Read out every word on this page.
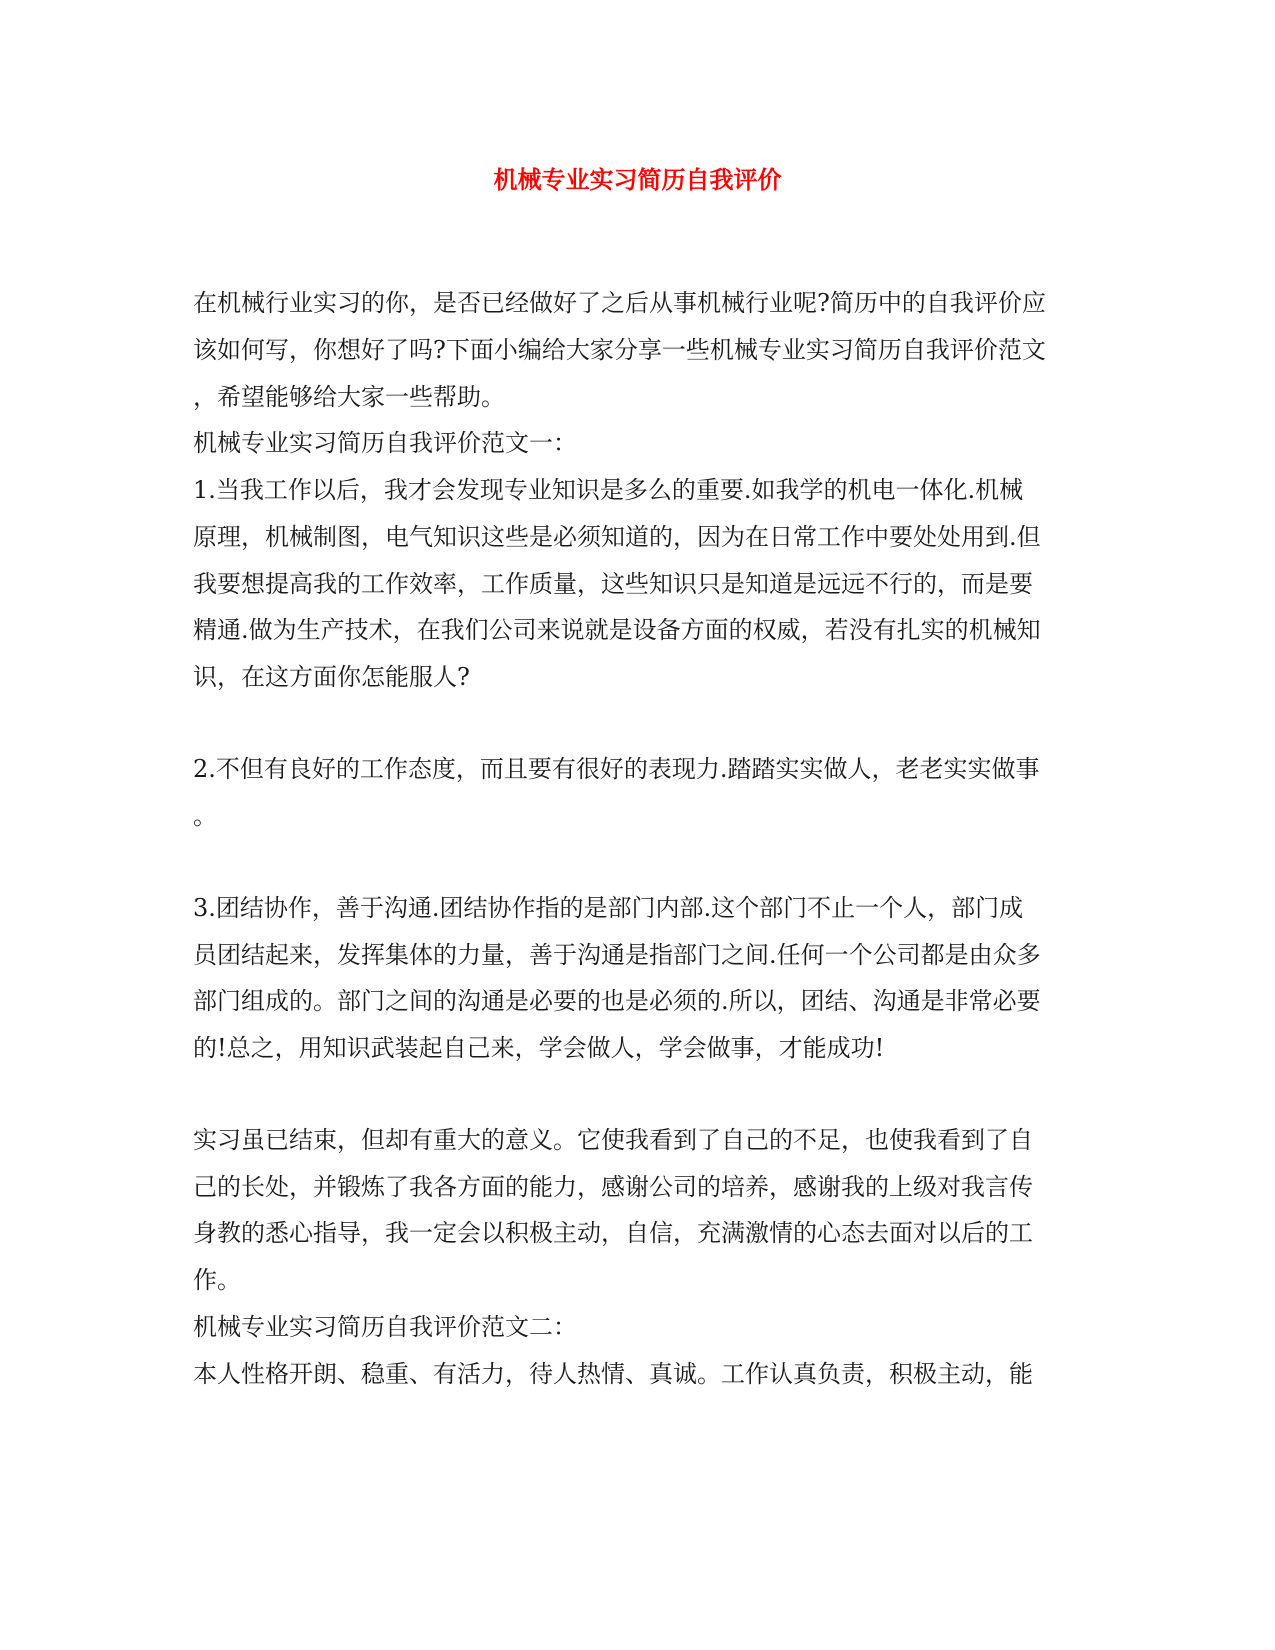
机械专业实习简历自我评价
在机械行业实习的你，是否已经做好了之后从事机械行业呢?简历中的自我评价应
该如何写，你想好了吗?下面小编给大家分享一些机械专业实习简历自我评价范文
，希望能够给大家一些帮助。
机械专业实习简历自我评价范文一：
1.当我工作以后，我才会发现专业知识是多么的重要.如我学的机电一体化.机械
原理，机械制图，电气知识这些是必须知道的，因为在日常工作中要处处用到.但
我要想提高我的工作效率，工作质量，这些知识只是知道是远远不行的，而是要
精通.做为生产技术，在我们公司来说就是设备方面的权威，若没有扎实的机械知
识，在这方面你怎能服人?
2.不但有良好的工作态度，而且要有很好的表现力.踏踏实实做人，老老实实做事
。
3.团结协作，善于沟通.团结协作指的是部门内部.这个部门不止一个人，部门成
员团结起来，发挥集体的力量，善于沟通是指部门之间.任何一个公司都是由众多
部门组成的。部门之间的沟通是必要的也是必须的.所以，团结、沟通是非常必要
的!总之，用知识武装起自己来，学会做人，学会做事，才能成功!
实习虽已结束，但却有重大的意义。它使我看到了自己的不足，也使我看到了自
己的长处，并锻炼了我各方面的能力，感谢公司的培养，感谢我的上级对我言传
身教的悉心指导，我一定会以积极主动，自信，充满激情的心态去面对以后的工
作。
机械专业实习简历自我评价范文二：
本人性格开朗、稳重、有活力，待人热情、真诚。工作认真负责，积极主动，能
